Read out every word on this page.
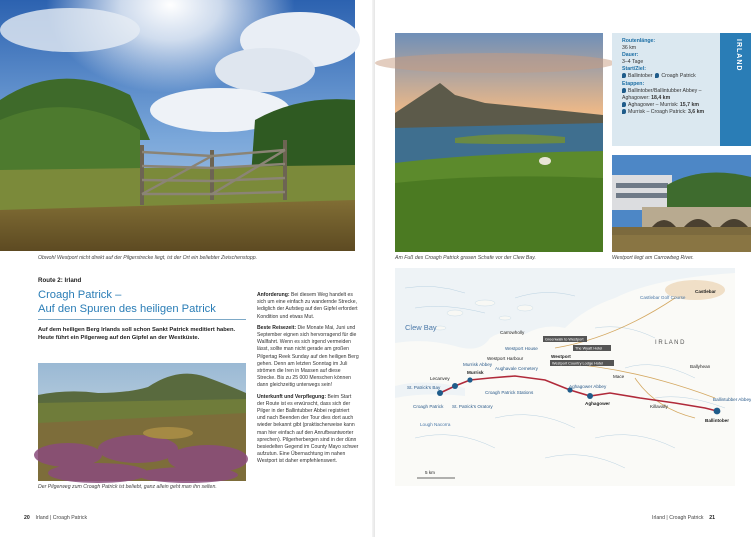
Obwohl Westport nicht direkt auf der Pilgerstrecke liegt, ist der Ort ein beliebter Zwischenstopp.
Route 2: Irland
Croagh Patrick –
Auf den Spuren des heiligen Patrick
Auf dem heiligen Berg Irlands soll schon Sankt Patrick meditiert haben. Heute führt ein Pilgerweg auf den Gipfel an der Westküste.
Der Pilgerweg zum Croagh Patrick ist beliebt, ganz allein geht man ihn selten.

Anforderung: Bei diesem Weg handelt es sich um eine einfach zu wandernde Strecke, lediglich der Aufstieg auf den Gipfel erfordert Kondition und etwas Mut.

Beste Reisezeit: Die Monate Mai, Juni und September eignen sich hervorragend für die Wallfahrt. Wenn es sich irgend vermeiden lässt, sollte man nicht gerade am großen Pilgertag Reek Sunday auf den heiligen Berg gehen. Denn am letzten Sonntag im Juli strömen die Iren in Massen auf diese Strecke. Bis zu 25 000 Menschen können dann gleichzeitig unterwegs sein!

Unterkunft und Verpflegung: Beim Start der Route ist es erwünscht, dass sich der Pilger in der Ballintubber Abbei registriert und nach Beenden der Tour dies dort auch wieder bekannt gibt (praktischerweise kann man hier einfach auf den Anrufbeantworter sprechen). Pilgerherbergen sind in der dünn besiedelten Gegend im County Mayo schwer aufzutun. Eine Übernachtung im nahen Westport ist daher empfehlenswert.

20 Irland | Croagh Patrick
Am Fuß des Croagh Patrick grasen Schafe vor der Clew Bay.
Routenlänge:
36 km
Dauer:
3–4 Tage
Start/Ziel:
Ballintober Croagh Patrick
Etappen:
Ballintober/Ballintubber Abbey – Aghagower: 18,4 km
Aghagower – Murrisk: 15,7 km
Murrisk – Croagh Patrick: 3,6 km
IRLAND
Westport liegt am Carrowbeg River.
Clew Bay
I R L A N D
Castlebar
Castlebar Golf Course
Ballyhean
Ballintober
Ballintubber Abbey
Westport
Westport House
Westport Harbour
Carrowholly
Mace
Aghagower
Aghagower Abbey
Aughavale Cemetery
Murrisk
Murrisk Abbey
Lecanvey
St. Patrick's Bay
St. Patrick's Oratory
Croagh Patrick
Lough Nacorra
Killavally
Croagh Patrick Stations
5 km
Greenwalk to Westport
The Wyatt Hotel
Westport Country Lodge Hotel
Irland | Croagh Patrick 21
